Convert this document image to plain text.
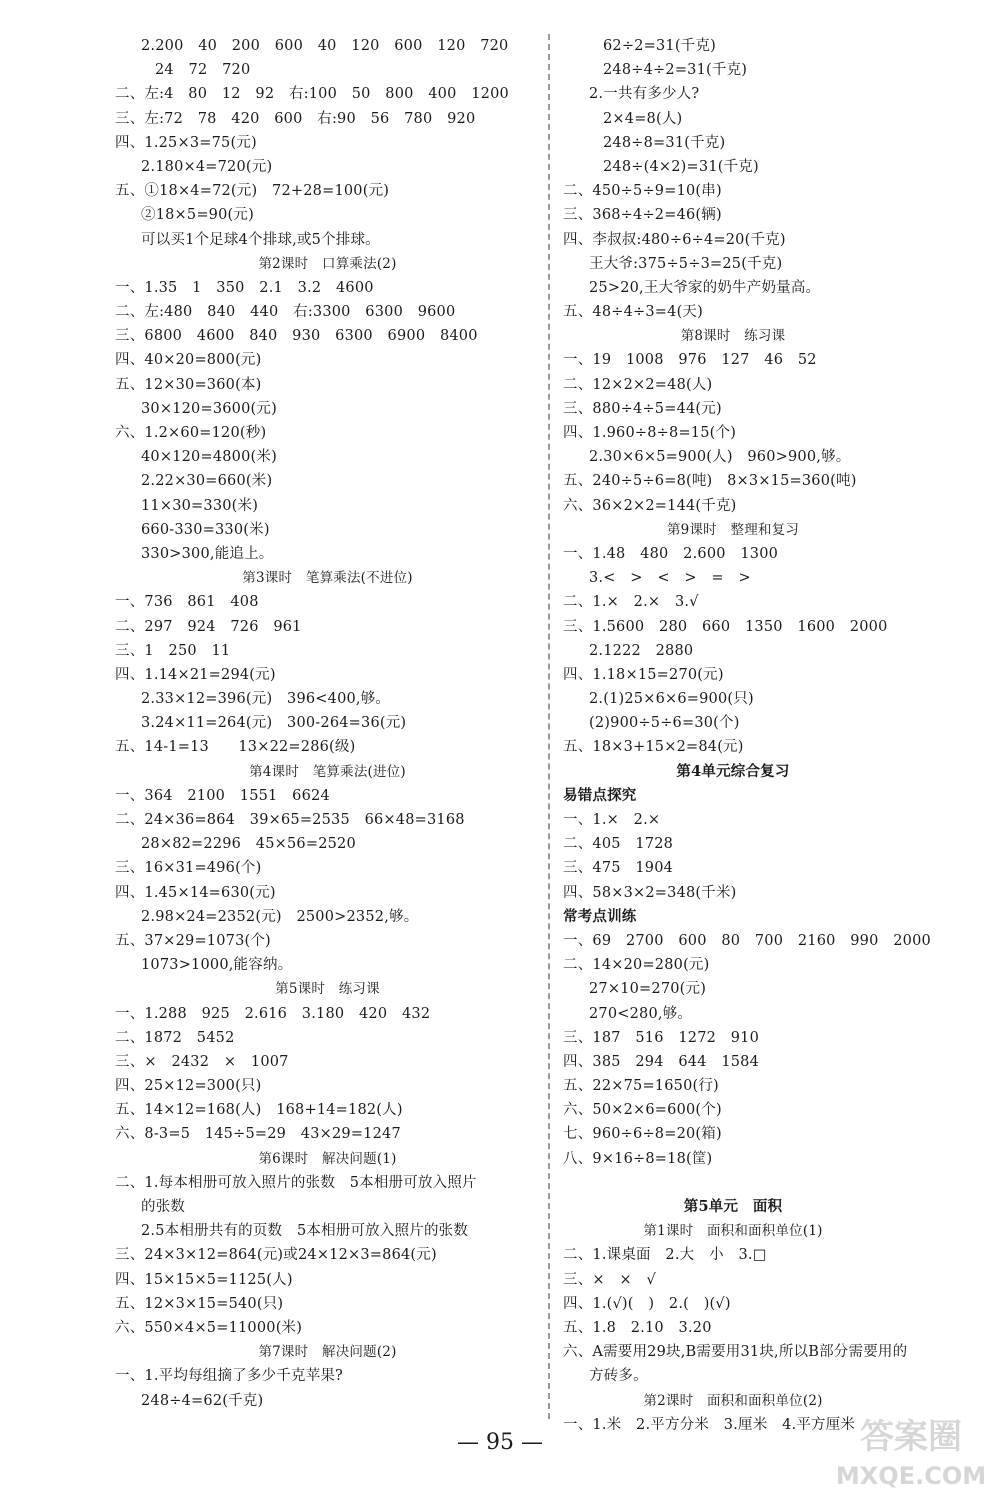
2.200　40　200　600　40　120　600　120　720
24　72　720
二、左:4　80　12　92　右:100　50　800　400　1200
三、左:72　78　420　600　右:90　56　780　920
四、1.25×3=75(元)
2.180×4=720(元)
五、①18×4=72(元)　72+28=100(元)
②18×5=90(元)
可以买1个足球4个排球,或5个排球。
第2课时　口算乘法(2)
一、1.35　1　350　2.1　3.2　4600
二、左:480　840　440　右:3300　6300　9600
三、6800　4600　840　930　6300　6900　8400
四、40×20=800(元)
五、12×30=360(本)
30×120=3600(元)
六、1.2×60=120(秒)
40×120=4800(米)
2.22×30=660(米)
11×30=330(米)
660-330=330(米)
330>300,能追上。
第3课时　笔算乘法(不进位)
一、736　861　408
二、297　924　726　961
三、1　250　11
四、1.14×21=294(元)
2.33×12=396(元)　396<400,够。
3.24×11=264(元)　300-264=36(元)
五、14-1=13　　13×22=286(级)
第4课时　笔算乘法(进位)
一、364　2100　1551　6624
二、24×36=864　39×65=2535　66×48=3168
28×82=2296　45×56=2520
三、16×31=496(个)
四、1.45×14=630(元)
2.98×24=2352(元)　2500>2352,够。
五、37×29=1073(个)
1073>1000,能容纳。
第5课时　练习课
一、1.288　925　2.616　3.180　420　432
二、1872　5452
三、×　2432　×　1007
四、25×12=300(只)
五、14×12=168(人)　168+14=182(人)
六、8-3=5　145÷5=29　43×29=1247
第6课时　解决问题(1)
二、1.每本相册可放入照片的张数　5本相册可放入照片
的张数
2.5本相册共有的页数　5本相册可放入照片的张数
三、24×3×12=864(元)或24×12×3=864(元)
四、15×15×5=1125(人)
五、12×3×15=540(只)
六、550×4×5=11000(米)
第7课时　解决问题(2)
一、1.平均每组摘了多少千克苹果?
248÷4=62(千克)
62÷2=31(千克)
248÷4÷2=31(千克)
2.一共有多少人?
2×4=8(人)
248÷8=31(千克)
248÷(4×2)=31(千克)
二、450÷5÷9=10(串)
三、368÷4÷2=46(辆)
四、李叔叔:480÷6÷4=20(千克)
王大爷:375÷5÷3=25(千克)
25>20,王大爷家的奶牛产奶量高。
五、48÷4÷3=4(天)
第8课时　练习课
一、19　1008　976　127　46　52
二、12×2×2=48(人)
三、880÷4÷5=44(元)
四、1.960÷8÷8=15(个)
2.30×6×5=900(人)　960>900,够。
五、240÷5÷6=8(吨)　8×3×15=360(吨)
六、36×2×2=144(千克)
第9课时　整理和复习
一、1.48　480　2.600　1300
3.<　>　<　>　=　>
二、1.×　2.×　3.√
三、1.5600　280　660　1350　1600　2000
2.1222　2880
四、1.18×15=270(元)
2.(1)25×6×6=900(只)
(2)900÷5÷6=30(个)
五、18×3+15×2=84(元)
第4单元综合复习
易错点探究
一、1.×　2.×
二、405　1728
三、475　1904
四、58×3×2=348(千米)
常考点训练
一、69　2700　600　80　700　2160　990　2000
二、14×20=280(元)
27×10=270(元)
270<280,够。
三、187　516　1272　910
四、385　294　644　1584
五、22×75=1650(行)
六、50×2×6=600(个)
七、960÷6÷8=20(箱)
八、9×16÷8=18(筐)
第5单元　面积
第1课时　面积和面积单位(1)
二、1.课桌面　2.大　小　3.□
三、×　×　√
四、1.(√)(　)　2.(　)(√)
五、1.8　2.10　3.20
六、A需要用29块,B需要用31块,所以B部分需要用的
方砖多。
第2课时　面积和面积单位(2)
一、1.米　2.平方分米　3.厘米　4.平方厘米
— 95 —	答案圈
MXQE.COM
